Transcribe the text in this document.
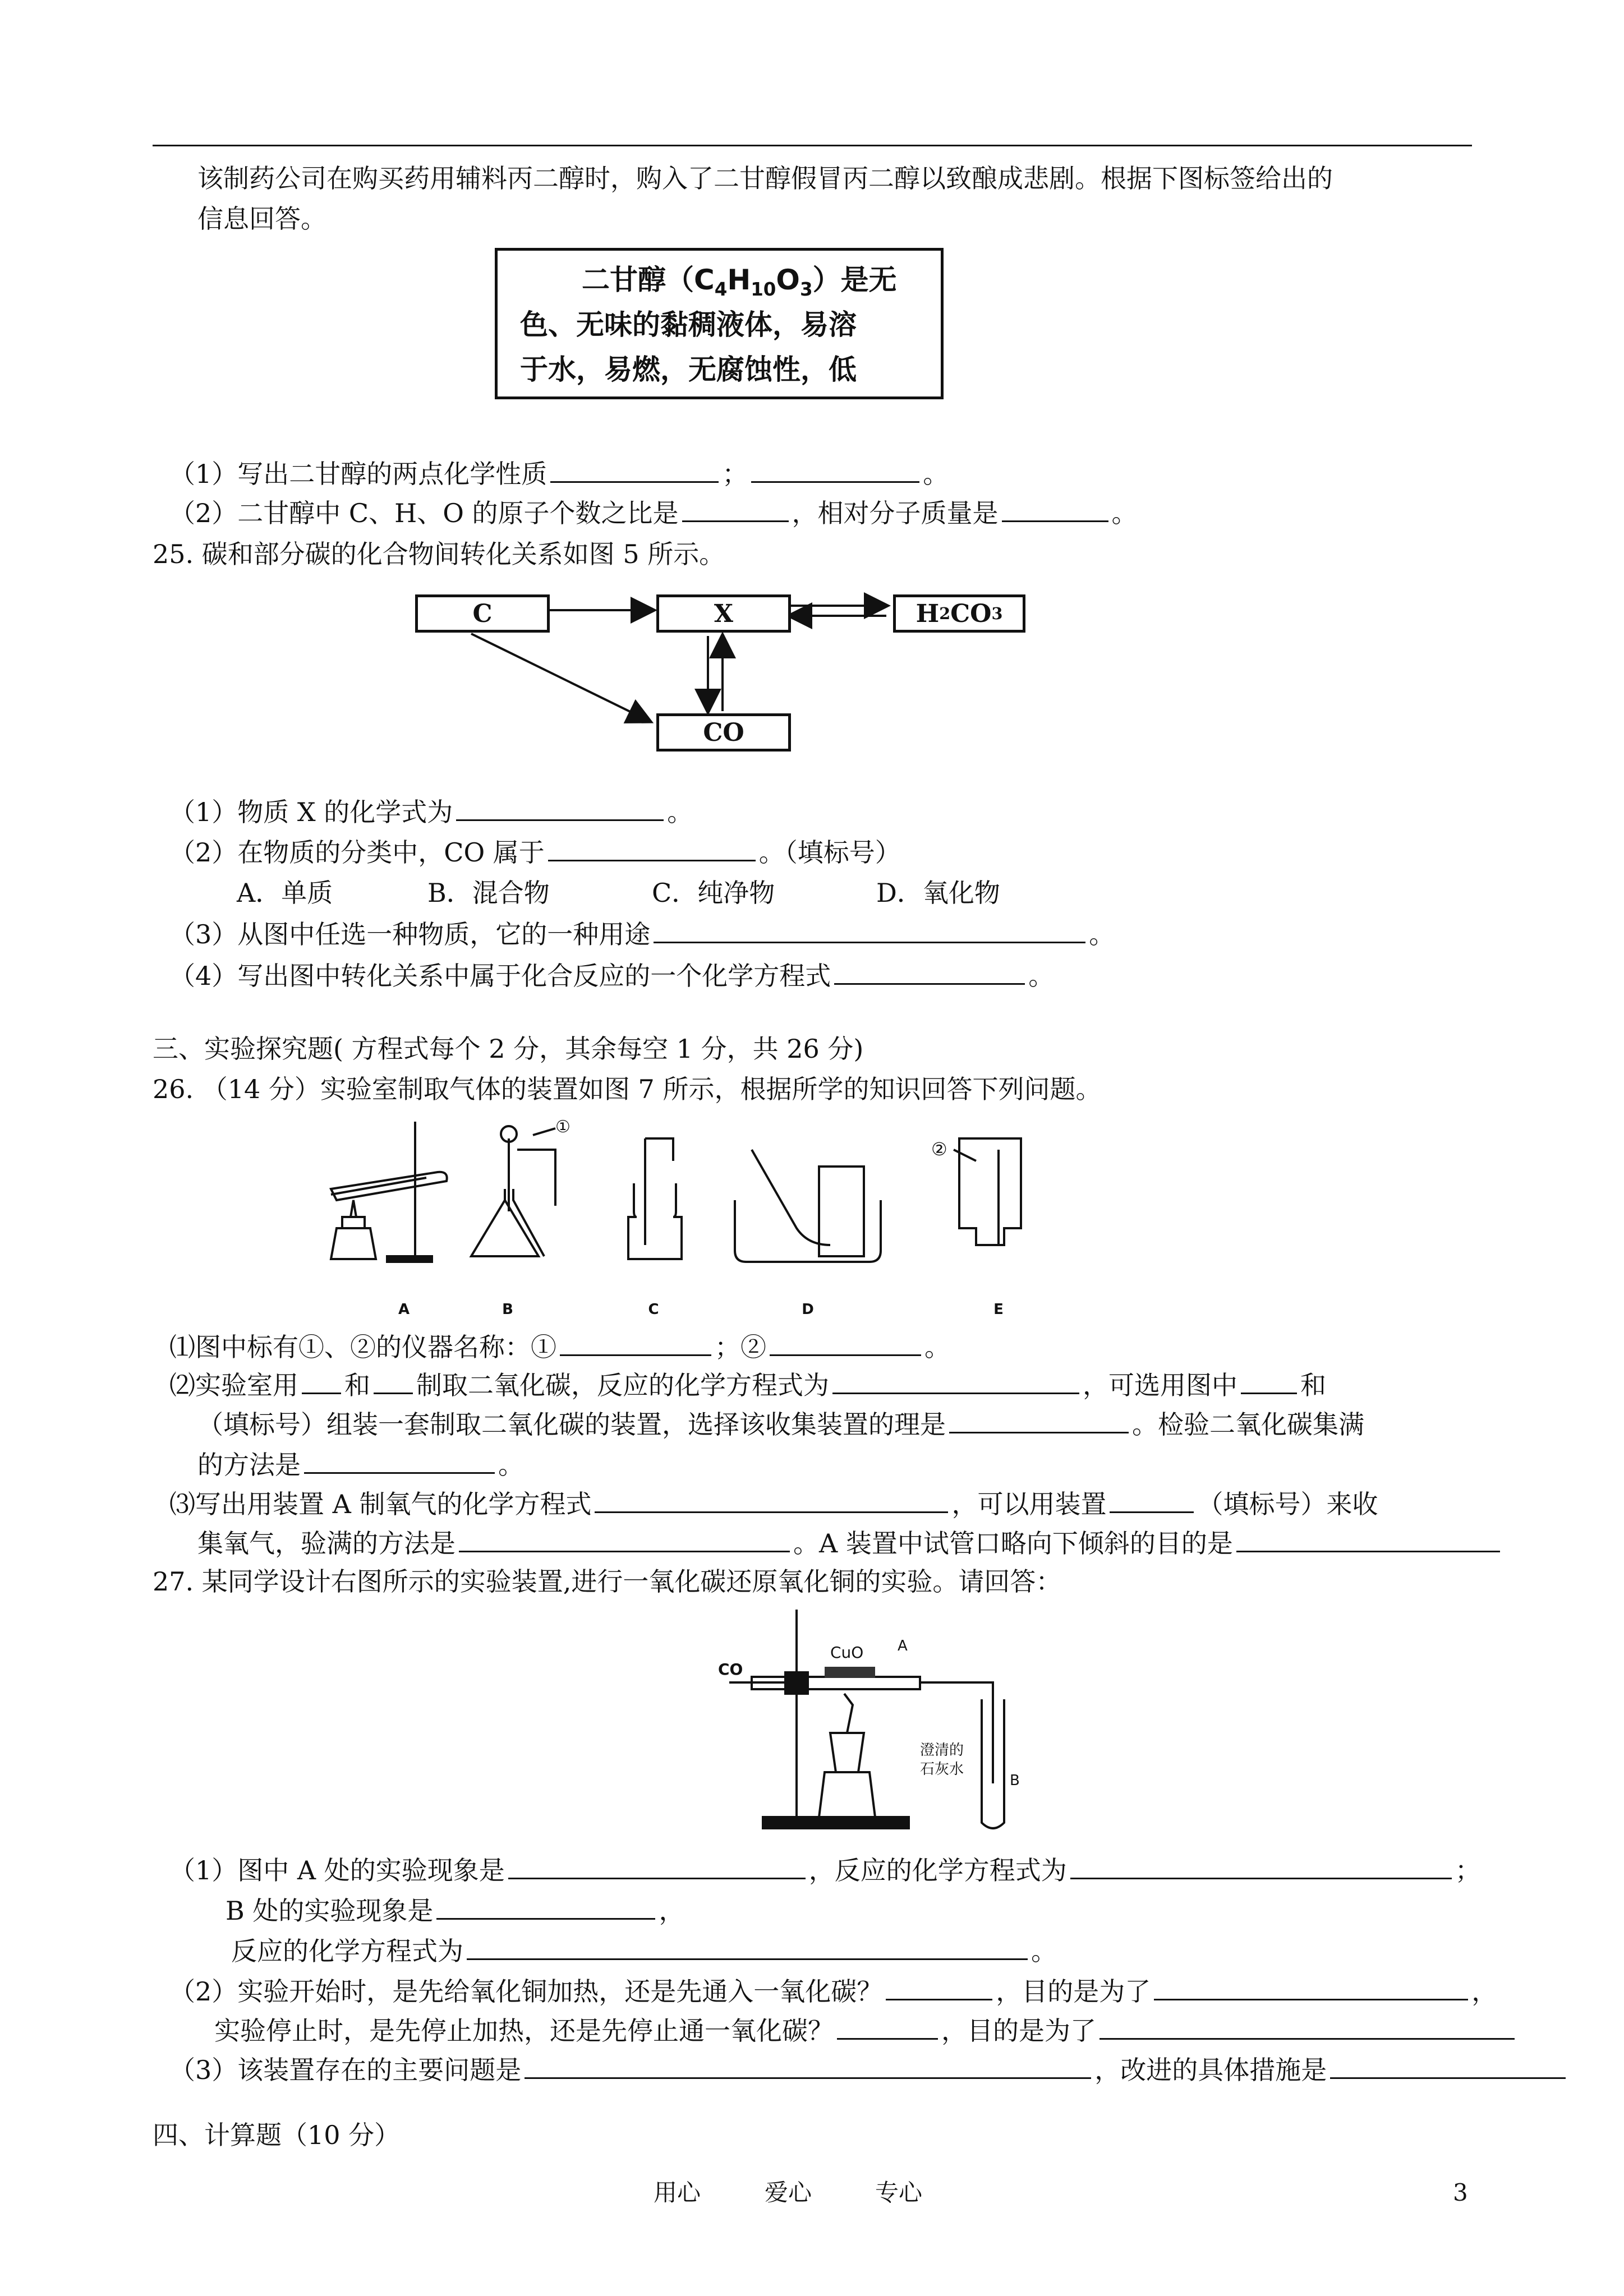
该制药公司在购买药用辅料丙二醇时，购入了二甘醇假冒丙二醇以致酿成悲剧。根据下图标签给出的
信息回答。
二甘醇$(C_4H_{10}O_3)$是无
色、无味的黏稠液体，易溶
于水，易燃，无腐蚀性，低
（1）写出二甘醇的两点化学性质	；	。
（2）二甘醇中 C、H、O 的原子个数之比是	，相对分子质量是	。
25. 碳和部分碳的化合物间转化关系如图 5 所示。
C	X	H 2 CO 3
CO
（1）物质 X 的化学式为	。
（2）在物质的分类中，CO 属于	。（填标号）
A．单质	B．混合物	C．纯净物	D．氧化物
（3）从图中任选一种物质，它的一种用途	。
（4）写出图中转化关系中属于化合反应的一个化学方程式	。
三、实验探究题( 方程式每个 2 分，其余每空 1 分，共 26 分)
26. （14 分）实验室制取气体的装置如图 7 所示，根据所学的知识回答下列问题。
A	B	C	D	E
①
②
⑴图中标有①、②的仪器名称：①	；②	。
⑵实验室用 和 制取二氧化碳，反应的化学方程式为	，可选用图中 和
（填标号）组装一套制取二氧化碳的装置，选择该收集装置的理是	。检验二氧化碳集满
的方法是	。
⑶写出用装置 A 制氧气的化学方程式	，可以用装置	（填标号）来收
集氧气，验满的方法是	。A 装置中试管口略向下倾斜的目的是
27. 某同学设计右图所示的实验装置,进行一氧化碳还原氧化铜的实验。请回答：
CO
CuO A
B
澄清的
石灰水
（1）图中 A 处的实验现象是	，反应的化学方程式为	；
B 处的实验现象是	，
反应的化学方程式为	。
（2）实验开始时，是先给氧化铜加热，还是先通入一氧化碳？	，目的是为了	，
实验停止时，是先停止加热，还是先停止通一氧化碳？	，目的是为了
（3）该装置存在的主要问题是	，改进的具体措施是
四、计算题（10 分）
用心	爱心	专心	3
